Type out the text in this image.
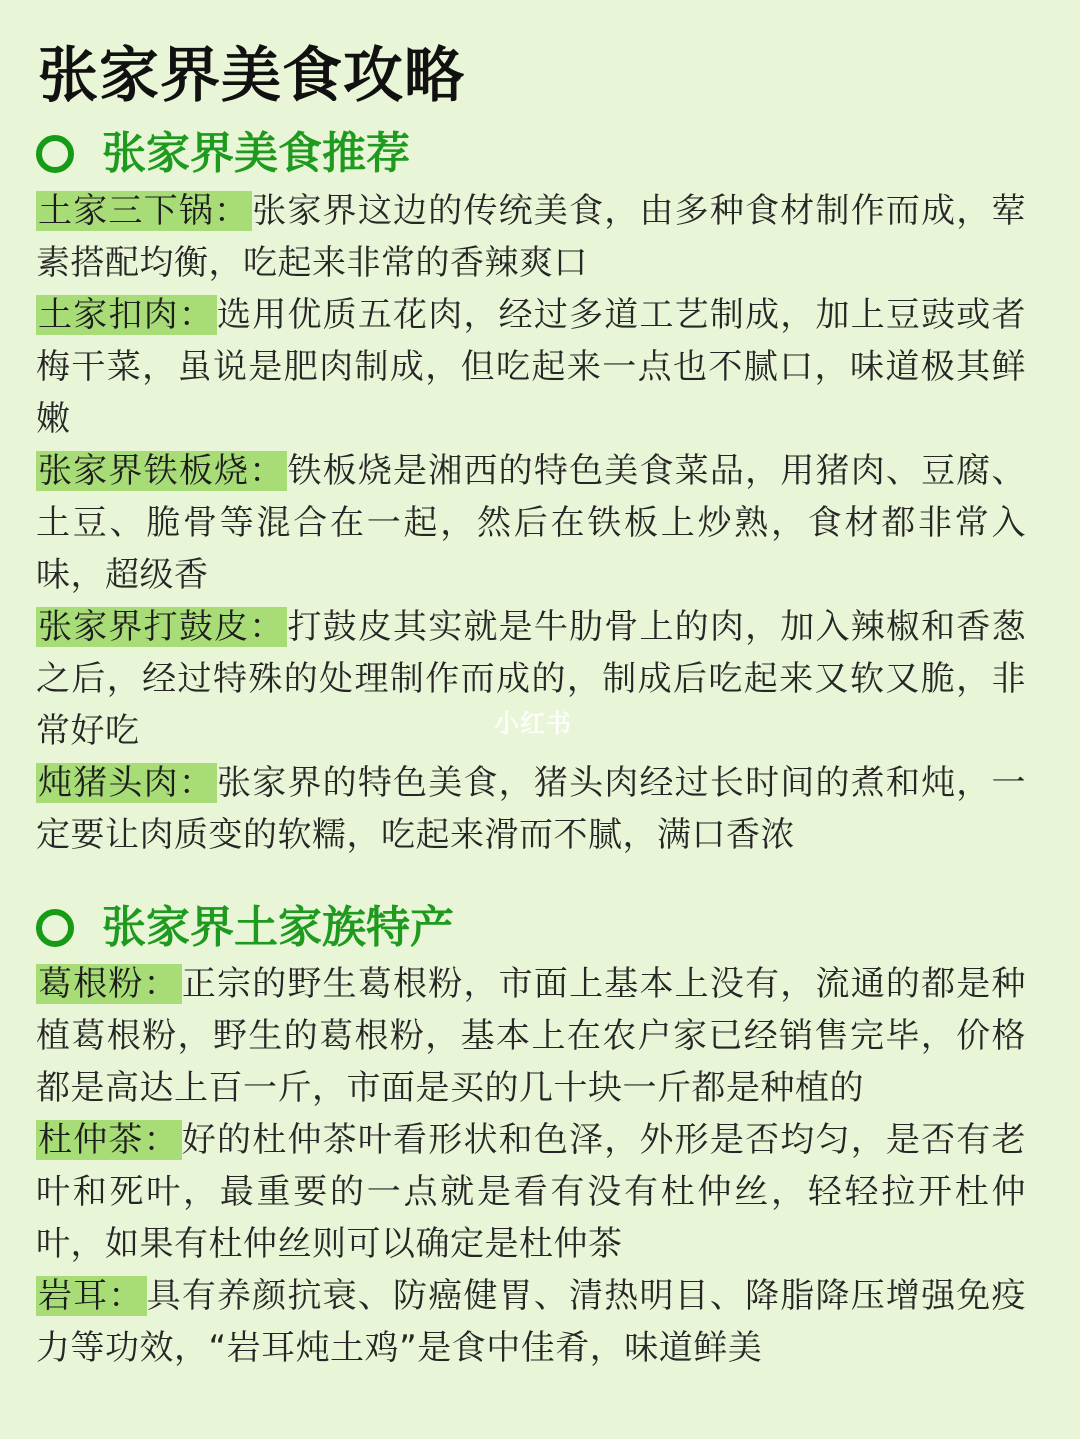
张家界美食攻略
张家界美食推荐

土家三下锅：张家界这边的传统美食，由多种食材制作而成，荤素搭配均衡，吃起来非常的香辣爽口

土家扣肉：选用优质五花肉，经过多道工艺制成，加上豆豉或者梅干菜，虽说是肥肉制成，但吃起来一点也不腻口，味道极其鲜嫩

张家界铁板烧：铁板烧是湘西的特色美食菜品，用猪肉、豆腐、土豆、脆骨等混合在一起，然后在铁板上炒熟，食材都非常入味，超级香

张家界打鼓皮：打鼓皮其实就是牛肋骨上的肉，加入辣椒和香葱之后，经过特殊的处理制作而成的，制成后吃起来又软又脆，非常好吃

炖猪头肉：张家界的特色美食，猪头肉经过长时间的煮和炖，一定要让肉质变的软糯，吃起来滑而不腻，满口香浓

张家界土家族特产

葛根粉：正宗的野生葛根粉，市面上基本上没有，流通的都是种植葛根粉，野生的葛根粉，基本上在农户家已经销售完毕，价格都是高达上百一斤，市面是买的几十块一斤都是种植的

杜仲茶：好的杜仲茶叶看形状和色泽，外形是否均匀，是否有老叶和死叶，最重要的一点就是看有没有杜仲丝，轻轻拉开杜仲叶，如果有杜仲丝则可以确定是杜仲茶

岩耳：具有养颜抗衰、防癌健胃、清热明目、降脂降压增强免疫力等功效，“岩耳炖土鸡”是食中佳肴，味道鲜美

小红书
